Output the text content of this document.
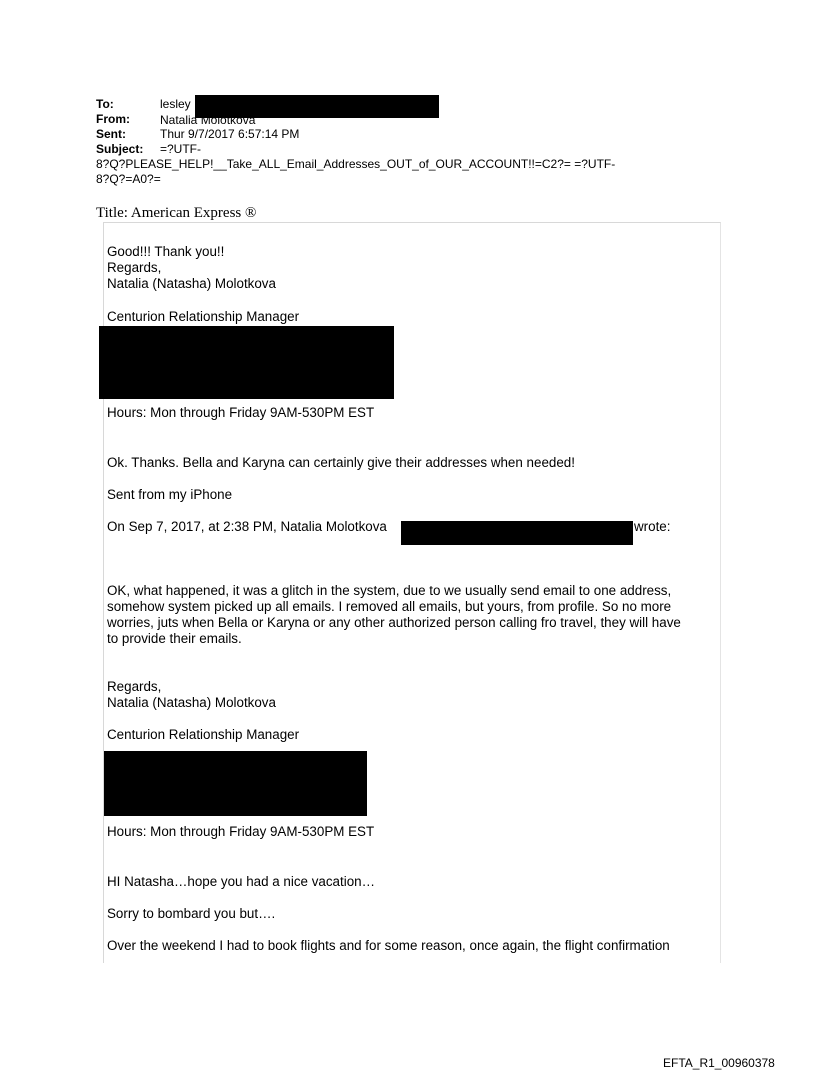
To:	lesley
From:	Natalia Molotkova
Sent:	Thur 9/7/2017 6:57:14 PM
Subject: =?UTF-
8?Q?PLEASE_HELP!__Take_ALL_Email_Addresses_OUT_of_OUR_ACCOUNT!!=C2?= =?UTF-
8?Q?=A0?=
Title: American Express ®
Good!!! Thank you!!
Regards,
Natalia (Natasha) Molotkova
Centurion Relationship Manager
Hours: Mon through Friday 9AM-530PM EST
Ok. Thanks. Bella and Karyna can certainly give their addresses when needed!
Sent from my iPhone
On Sep 7, 2017, at 2:38 PM, Natalia Molotkova	wrote:
OK, what happened, it was a glitch in the system, due to we usually send email to one address,
somehow system picked up all emails. I removed all emails, but yours, from profile. So no more
worries, juts when Bella or Karyna or any other authorized person calling fro travel, they will have
to provide their emails.
Regards,
Natalia (Natasha) Molotkova
Centurion Relationship Manager
Hours: Mon through Friday 9AM-530PM EST
HI Natasha…hope you had a nice vacation…
Sorry to bombard you but….
Over the weekend I had to book flights and for some reason, once again, the flight confirmation
EFTA_R1_00960378
